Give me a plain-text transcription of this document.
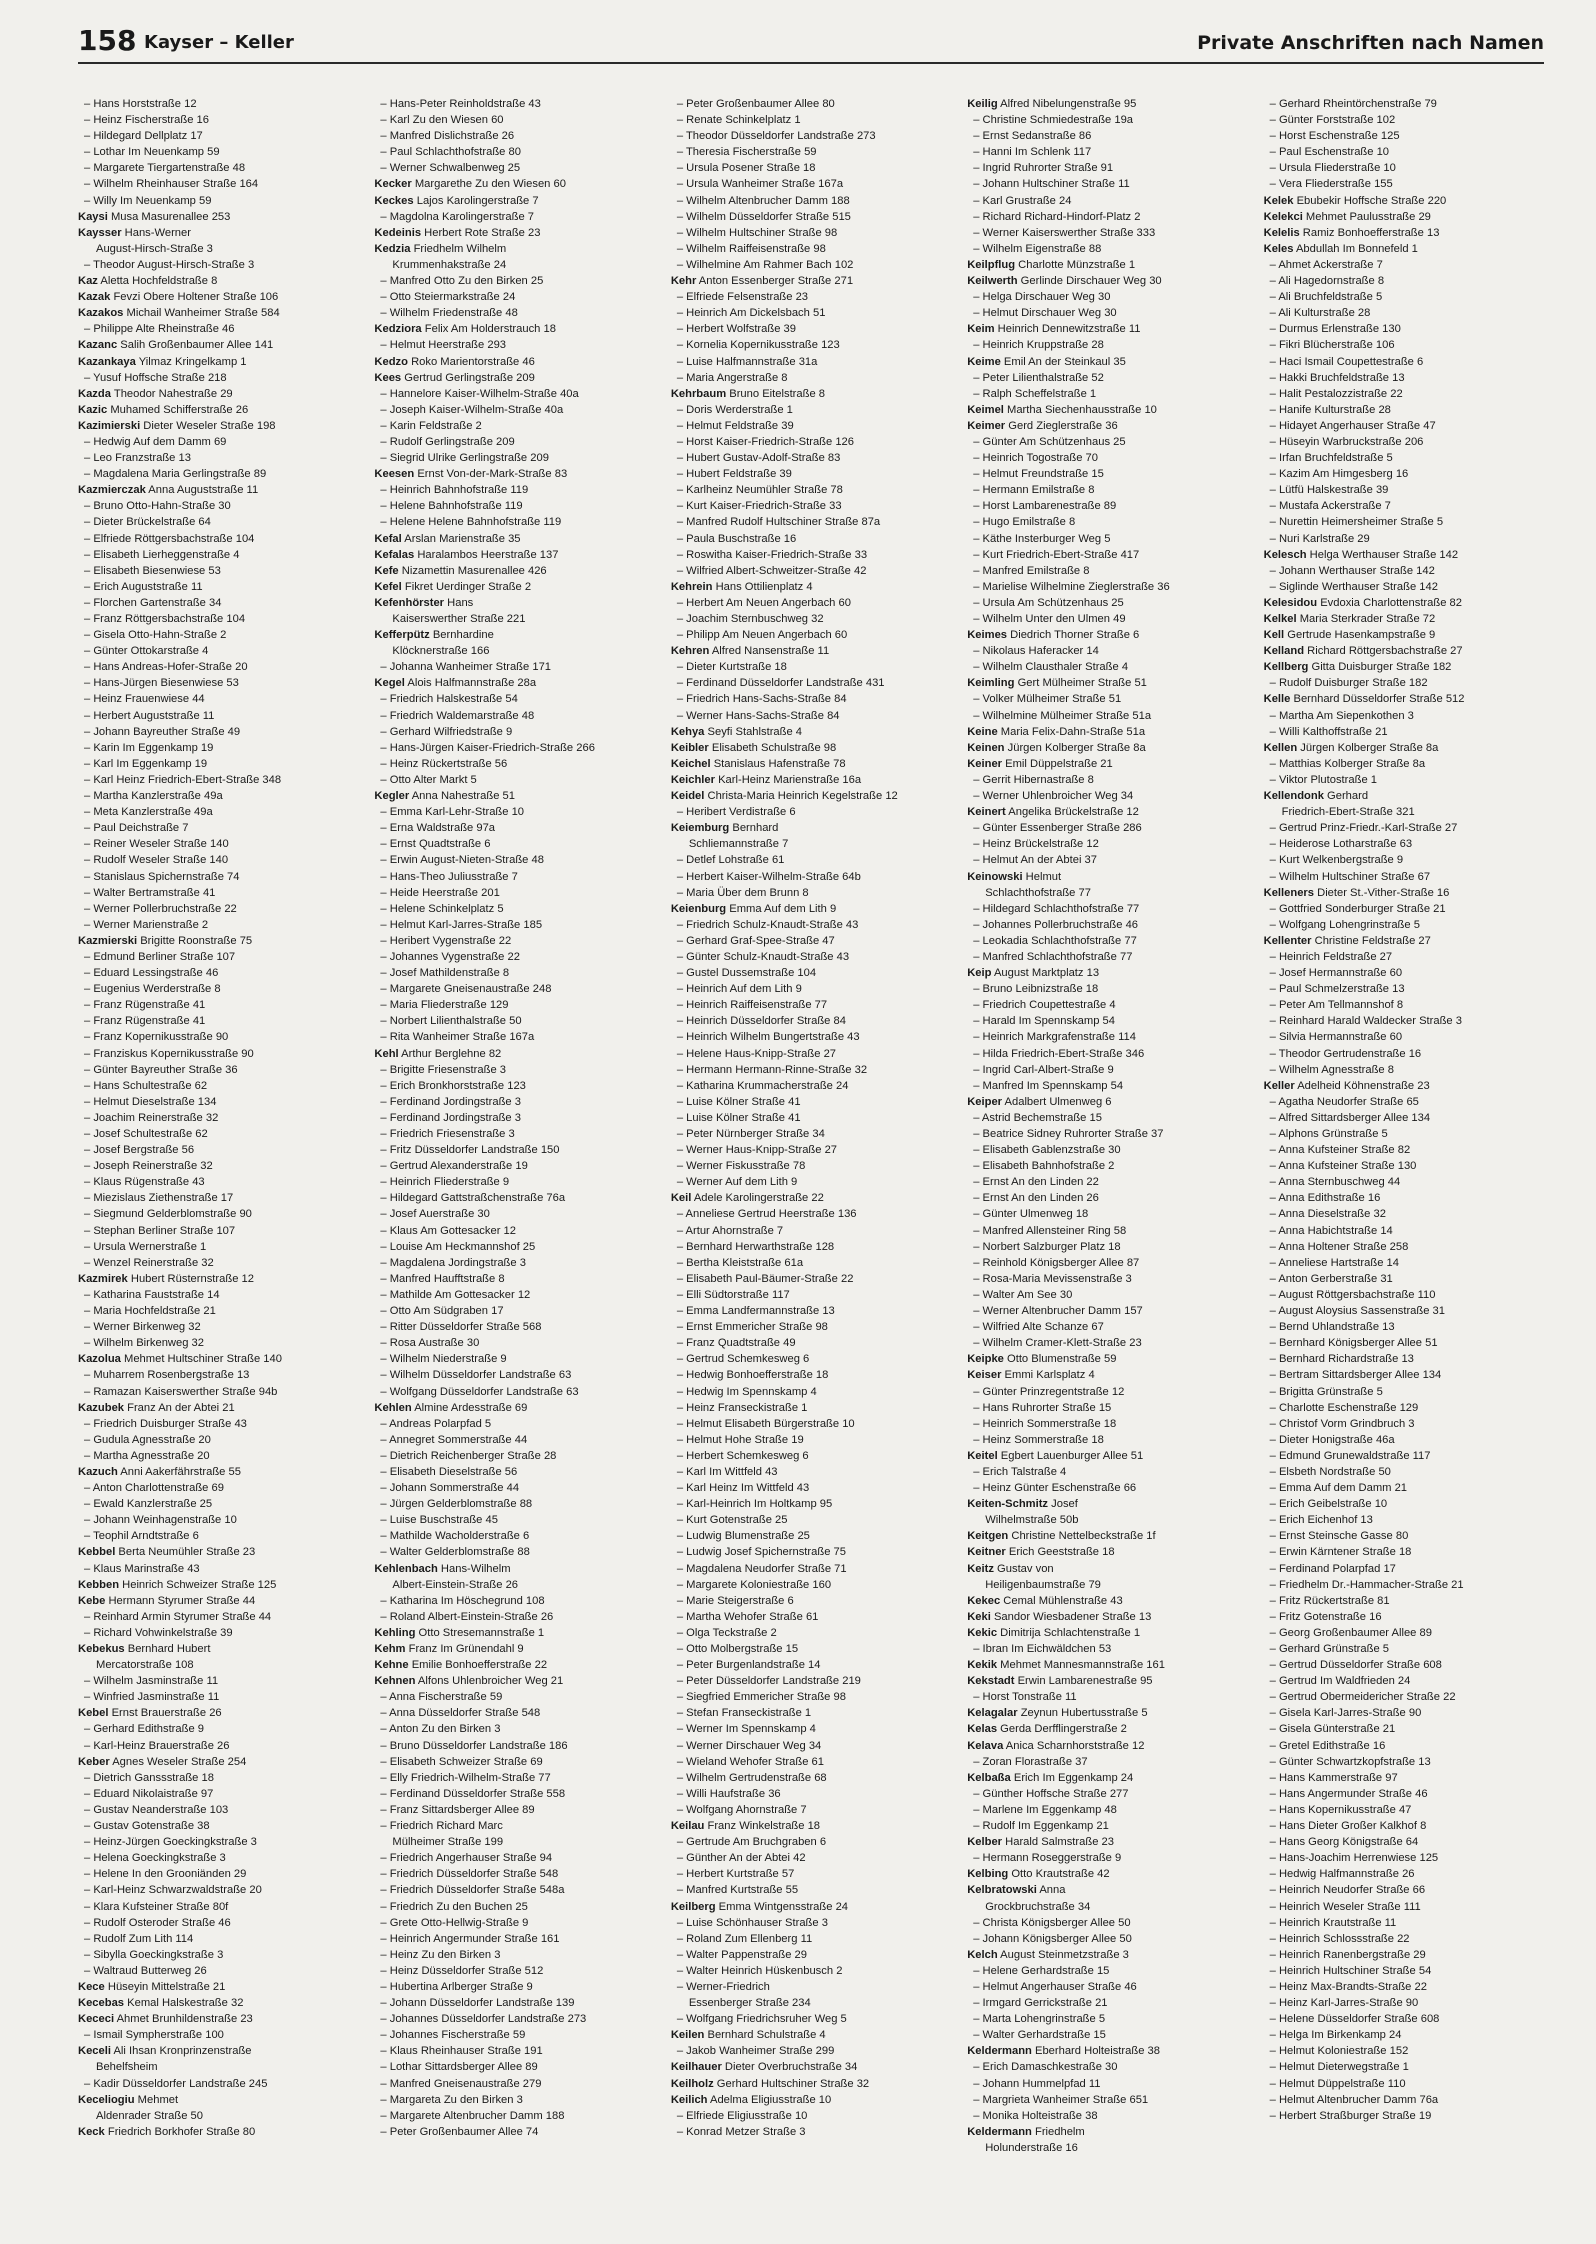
158 Kayser – Keller	Private Anschriften nach Namen
– Hans Horststraße 12
– Heinz Fischerstraße 16
– Hildegard Dellplatz 17
– Lothar Im Neuenkamp 59
– Margarete Tiergartenstraße 48
– Wilhelm Rheinhauser Straße 164
– Willy Im Neuenkamp 59
Kaysi Musa Masurenallee 253
Kaysser Hans-Werner
August-Hirsch-Straße 3
– Theodor August-Hirsch-Straße 3
Kaz Aletta Hochfeldstraße 8
Kazak Fevzi Obere Holtener Straße 106
Kazakos Michail Wanheimer Straße 584
– Philippe Alte Rheinstraße 46
Kazanc Salih Großenbaumer Allee 141
Kazankaya Yilmaz Kringelkamp 1
– Yusuf Hoffsche Straße 218
Kazda Theodor Nahestraße 29
Kazic Muhamed Schifferstraße 26
Kazimierski Dieter Weseler Straße 198
– Hedwig Auf dem Damm 69
– Leo Franzstraße 13
– Magdalena Maria Gerlingstraße 89
Kazmierczak Anna Auguststraße 11
– Bruno Otto-Hahn-Straße 30
– Dieter Brückelstraße 64
– Elfriede Röttgersbachstraße 104
– Elisabeth Lierheggenstraße 4
– Elisabeth Biesenwiese 53
– Erich Auguststraße 11
– Florchen Gartenstraße 34
– Franz Röttgersbachstraße 104
– Gisela Otto-Hahn-Straße 2
– Günter Ottokarstraße 4
– Hans Andreas-Hofer-Straße 20
– Hans-Jürgen Biesenwiese 53
– Heinz Frauenwiese 44
– Herbert Auguststraße 11
– Johann Bayreuther Straße 49
– Karin Im Eggenkamp 19
– Karl Im Eggenkamp 19
– Karl Heinz Friedrich-Ebert-Straße 348
– Martha Kanzlerstraße 49a
– Meta Kanzlerstraße 49a
– Paul Deichstraße 7
– Reiner Weseler Straße 140
– Rudolf Weseler Straße 140
– Stanislaus Spichernstraße 74
– Walter Bertramstraße 41
– Werner Pollerbruchstraße 22
– Werner Marienstraße 2
Kazmierski Brigitte Roonstraße 75
– Edmund Berliner Straße 107
– Eduard Lessingstraße 46
– Eugenius Werderstraße 8
– Franz Rügenstraße 41
– Franz Rügenstraße 41
– Franz Kopernikusstraße 90
– Franziskus Kopernikusstraße 90
– Günter Bayreuther Straße 36
– Hans Schultestraße 62
– Helmut Dieselstraße 134
– Joachim Reinerstraße 32
– Josef Schultestraße 62
– Josef Bergstraße 56
– Joseph Reinerstraße 32
– Klaus Rügenstraße 43
– Miezislaus Ziethenstraße 17
– Siegmund Gelderblomstraße 90
– Stephan Berliner Straße 107
– Ursula Wernerstraße 1
– Wenzel Reinerstraße 32
Kazmirek Hubert Rüsternstraße 12
– Katharina Fauststraße 14
– Maria Hochfeldstraße 21
– Werner Birkenweg 32
– Wilhelm Birkenweg 32
Kazolua Mehmet Hultschiner Straße 140
– Muharrem Rosenbergstraße 13
– Ramazan Kaiserswerther Straße 94b
Kazubek Franz An der Abtei 21
– Friedrich Duisburger Straße 43
– Gudula Agnesstraße 20
– Martha Agnesstraße 20
Kazuch Anni Aakerfährstraße 55
– Anton Charlottenstraße 69
– Ewald Kanzlerstraße 25
– Johann Weinhagenstraße 10
– Teophil Arndtstraße 6
Kebbel Berta Neumühler Straße 23
– Klaus Marinstraße 43
Kebben Heinrich Schweizer Straße 125
Kebe Hermann Styrumer Straße 44
– Reinhard Armin Styrumer Straße 44
– Richard Vohwinkelstraße 39
Kebekus Bernhard Hubert
Mercatorstraße 108
– Wilhelm Jasminstraße 11
– Winfried Jasminstraße 11
Kebel Ernst Brauerstraße 26
– Gerhard Edithstraße 9
– Karl-Heinz Brauerstraße 26
Keber Agnes Weseler Straße 254
– Dietrich Ganssstraße 18
– Eduard Nikolaistraße 97
– Gustav Neanderstraße 103
– Gustav Gotenstraße 38
– Heinz-Jürgen Goeckingkstraße 3
– Helena Goeckingkstraße 3
– Helene In den Grooniänden 29
– Karl-Heinz Schwarzwaldstraße 20
– Klara Kufsteiner Straße 80f
– Rudolf Osteroder Straße 46
– Rudolf Zum Lith 114
– Sibylla Goeckingkstraße 3
– Waltraud Butterweg 26
Kece Hüseyin Mittelstraße 21
Kecebas Kemal Halskestraße 32
Kececi Ahmet Brunhildenstraße 23
– Ismail Sympherstraße 100
Keceli Ali Ihsan Kronprinzenstraße
Behelfsheim
– Kadir Düsseldorfer Landstraße 245
Keceliogiu Mehmet
Aldenrader Straße 50
Keck Friedrich Borkhofer Straße 80
– Hans-Peter Reinholdstraße 43
– Karl Zu den Wiesen 60
– Manfred Dislichstraße 26
– Paul Schlachthofstraße 80
– Werner Schwalbenweg 25
Kecker Margarethe Zu den Wiesen 60
Keckes Lajos Karolingerstraße 7
– Magdolna Karolingerstraße 7
Kedeinis Herbert Rote Straße 23
Kedzia Friedhelm Wilhelm
Krummenhakstraße 24
– Manfred Otto Zu den Birken 25
– Otto Steiermarkstraße 24
– Wilhelm Friedenstraße 48
Kedziora Felix Am Holderstrauch 18
– Helmut Heerstraße 293
Kedzo Roko Marientorstraße 46
Kees Gertrud Gerlingstraße 209
– Hannelore Kaiser-Wilhelm-Straße 40a
– Joseph Kaiser-Wilhelm-Straße 40a
– Karin Feldstraße 2
– Rudolf Gerlingstraße 209
– Siegrid Ulrike Gerlingstraße 209
Keesen Ernst Von-der-Mark-Straße 83
– Heinrich Bahnhofstraße 119
– Helene Bahnhofstraße 119
– Helene Helene Bahnhofstraße 119
Kefal Arslan Marienstraße 35
Kefalas Haralambos Heerstraße 137
Kefe Nizamettin Masurenallee 426
Kefel Fikret Uerdinger Straße 2
Kefenhörster Hans
Kaiserswerther Straße 221
Kefferpütz Bernhardine
Klöcknerstraße 166
– Johanna Wanheimer Straße 171
Kegel Alois Halfmannstraße 28a
– Friedrich Halskestraße 54
– Friedrich Waldemarstraße 48
– Gerhard Wilfriedstraße 9
– Hans-Jürgen Kaiser-Friedrich-Straße 266
– Heinz Rückertstraße 56
– Otto Alter Markt 5
Kegler Anna Nahestraße 51
– Emma Karl-Lehr-Straße 10
– Erna Waldstraße 97a
– Ernst Quadtstraße 6
– Erwin August-Nieten-Straße 48
– Hans-Theo Juliusstraße 7
– Heide Heerstraße 201
– Helene Schinkelplatz 5
– Helmut Karl-Jarres-Straße 185
– Heribert Vygenstraße 22
– Johannes Vygenstraße 22
– Josef Mathildenstraße 8
– Margarete Gneisenaustraße 248
– Maria Fliederstraße 129
– Norbert Lilienthalstraße 50
– Rita Wanheimer Straße 167a
Kehl Arthur Berglehne 82
– Brigitte Friesenstraße 3
– Erich Bronkhorststraße 123
– Ferdinand Jordingstraße 3
– Ferdinand Jordingstraße 3
– Friedrich Friesenstraße 3
– Fritz Düsseldorfer Landstraße 150
– Gertrud Alexanderstraße 19
– Heinrich Fliederstraße 9
– Hildegard Gattstraßchenstraße 76a
– Josef Auerstraße 30
– Klaus Am Gottesacker 12
– Louise Am Heckmannshof 25
– Magdalena Jordingstraße 3
– Manfred Haufftstraße 8
– Mathilde Am Gottesacker 12
– Otto Am Südgraben 17
– Ritter Düsseldorfer Straße 568
– Rosa Austraße 30
– Wilhelm Niederstraße 9
– Wilhelm Düsseldorfer Landstraße 63
– Wolfgang Düsseldorfer Landstraße 63
Kehlen Almine Ardesstraße 69
– Andreas Polarpfad 5
– Annegret Sommerstraße 44
– Dietrich Reichenberger Straße 28
– Elisabeth Dieselstraße 56
– Johann Sommerstraße 44
– Jürgen Gelderblomstraße 88
– Luise Buschstraße 45
– Mathilde Wacholderstraße 6
– Walter Gelderblomstraße 88
Kehlenbach Hans-Wilhelm
Albert-Einstein-Straße 26
– Katharina Im Höschegrund 108
– Roland Albert-Einstein-Straße 26
Kehling Otto Stresemannstraße 1
Kehm Franz Im Grünendahl 9
Kehne Emilie Bonhoefferstraße 22
Kehnen Alfons Uhlenbroicher Weg 21
– Anna Fischerstraße 59
– Anna Düsseldorfer Straße 548
– Anton Zu den Birken 3
– Bruno Düsseldorfer Landstraße 186
– Elisabeth Schweizer Straße 69
– Elly Friedrich-Wilhelm-Straße 77
– Ferdinand Düsseldorfer Straße 558
– Franz Sittardsberger Allee 89
– Friedrich Richard Marc
Mülheimer Straße 199
– Friedrich Angerhauser Straße 94
– Friedrich Düsseldorfer Straße 548
– Friedrich Düsseldorfer Straße 548a
– Friedrich Zu den Buchen 25
– Grete Otto-Hellwig-Straße 9
– Heinrich Angermunder Straße 161
– Heinz Zu den Birken 3
– Heinz Düsseldorfer Straße 512
– Hubertina Arlberger Straße 9
– Johann Düsseldorfer Landstraße 139
– Johannes Düsseldorfer Landstraße 273
– Johannes Fischerstraße 59
– Klaus Rheinhauser Straße 191
– Lothar Sittardsberger Allee 89
– Manfred Gneisenaustraße 279
– Margareta Zu den Birken 3
– Margarete Altenbrucher Damm 188
– Peter Großenbaumer Allee 74
– Peter Großenbaumer Allee 80
– Renate Schinkelplatz 1
– Theodor Düsseldorfer Landstraße 273
– Theresia Fischerstraße 59
– Ursula Posener Straße 18
– Ursula Wanheimer Straße 167a
– Wilhelm Altenbrucher Damm 188
– Wilhelm Düsseldorfer Straße 515
– Wilhelm Hultschiner Straße 98
– Wilhelm Raiffeisenstraße 98
– Wilhelmine Am Rahmer Bach 102
Kehr Anton Essenberger Straße 271
– Elfriede Felsenstraße 23
– Heinrich Am Dickelsbach 51
– Herbert Wolfstraße 39
– Kornelia Kopernikusstraße 123
– Luise Halfmannstraße 31a
– Maria Angerstraße 8
Kehrbaum Bruno Eitelstraße 8
– Doris Werderstraße 1
– Helmut Feldstraße 39
– Horst Kaiser-Friedrich-Straße 126
– Hubert Gustav-Adolf-Straße 83
– Hubert Feldstraße 39
– Karlheinz Neumühler Straße 78
– Kurt Kaiser-Friedrich-Straße 33
– Manfred Rudolf Hultschiner Straße 87a
– Paula Buschstraße 16
– Roswitha Kaiser-Friedrich-Straße 33
– Wilfried Albert-Schweitzer-Straße 42
Kehrein Hans Ottilienplatz 4
– Herbert Am Neuen Angerbach 60
– Joachim Sternbuschweg 32
– Philipp Am Neuen Angerbach 60
Kehren Alfred Nansenstraße 11
– Dieter Kurtstraße 18
– Ferdinand Düsseldorfer Landstraße 431
– Friedrich Hans-Sachs-Straße 84
– Werner Hans-Sachs-Straße 84
Kehya Seyfi Stahlstraße 4
Keibler Elisabeth Schulstraße 98
Keichel Stanislaus Hafenstraße 78
Keichler Karl-Heinz Marienstraße 16a
Keidel Christa-Maria Heinrich Kegelstraße 12
– Heribert Verdistraße 6
Keiemburg Bernhard
Schliemannstraße 7
– Detlef Lohstraße 61
– Herbert Kaiser-Wilhelm-Straße 64b
– Maria Über dem Brunn 8
Keienburg Emma Auf dem Lith 9
– Friedrich Schulz-Knaudt-Straße 43
– Gerhard Graf-Spee-Straße 47
– Günter Schulz-Knaudt-Straße 43
– Gustel Dussemstraße 104
– Heinrich Auf dem Lith 9
– Heinrich Raiffeisenstraße 77
– Heinrich Düsseldorfer Straße 84
– Heinrich Wilhelm Bungertstraße 43
– Helene Haus-Knipp-Straße 27
– Hermann Hermann-Rinne-Straße 32
– Katharina Krummacherstraße 24
– Luise Kölner Straße 41
– Luise Kölner Straße 41
– Peter Nürnberger Straße 34
– Werner Haus-Knipp-Straße 27
– Werner Fiskusstraße 78
– Werner Auf dem Lith 9
Keil Adele Karolingerstraße 22
– Anneliese Gertrud Heerstraße 136
– Artur Ahornstraße 7
– Bernhard Herwarthstraße 128
– Bertha Kleiststraße 61a
– Elisabeth Paul-Bäumer-Straße 22
– Elli Südtorstraße 117
– Emma Landfermannstraße 13
– Ernst Emmericher Straße 98
– Franz Quadtstraße 49
– Gertrud Schemkesweg 6
– Hedwig Bonhoefferstraße 18
– Hedwig Im Spennskamp 4
– Heinz Franseckistraße 1
– Helmut Elisabeth Bürgerstraße 10
– Helmut Hohe Straße 19
– Herbert Schemkesweg 6
– Karl Im Wittfeld 43
– Karl Heinz Im Wittfeld 43
– Karl-Heinrich Im Holtkamp 95
– Kurt Gotenstraße 25
– Ludwig Blumenstraße 25
– Ludwig Josef Spichernstraße 75
– Magdalena Neudorfer Straße 71
– Margarete Koloniestraße 160
– Marie Steigerstraße 6
– Martha Wehofer Straße 61
– Olga Teckstraße 2
– Otto Molbergstraße 15
– Peter Burgenlandstraße 14
– Peter Düsseldorfer Landstraße 219
– Siegfried Emmericher Straße 98
– Stefan Franseckistraße 1
– Werner Im Spennskamp 4
– Werner Dirschauer Weg 34
– Wieland Wehofer Straße 61
– Wilhelm Gertrudenstraße 68
– Willi Haufstraße 36
– Wolfgang Ahornstraße 7
Keilau Franz Winkelstraße 18
– Gertrude Am Bruchgraben 6
– Günther An der Abtei 42
– Herbert Kurtstraße 57
– Manfred Kurtstraße 55
Keilberg Emma Wintgensstraße 24
– Luise Schönhauser Straße 3
– Roland Zum Ellenberg 11
– Walter Pappenstraße 29
– Walter Heinrich Hüskenbusch 2
– Werner-Friedrich
Essenberger Straße 234
– Wolfgang Friedrichsruher Weg 5
Keilen Bernhard Schulstraße 4
– Jakob Wanheimer Straße 299
Keilhauer Dieter Overbruchstraße 34
Keilholz Gerhard Hultschiner Straße 32
Keilich Adelma Eligiusstraße 10
– Elfriede Eligiusstraße 10
– Konrad Metzer Straße 3
Keilig Alfred Nibelungenstraße 95
– Christine Schmiedestraße 19a
– Ernst Sedanstraße 86
– Hanni Im Schlenk 117
– Ingrid Ruhrorter Straße 91
– Johann Hultschiner Straße 11
– Karl Grustraße 24
– Richard Richard-Hindorf-Platz 2
– Werner Kaiserswerther Straße 333
– Wilhelm Eigenstraße 88
Keilpflug Charlotte Münzstraße 1
Keilwerth Gerlinde Dirschauer Weg 30
– Helga Dirschauer Weg 30
– Helmut Dirschauer Weg 30
Keim Heinrich Dennewitzstraße 11
– Heinrich Kruppstraße 28
Keime Emil An der Steinkaul 35
– Peter Lilienthalstraße 52
– Ralph Scheffelstraße 1
Keimel Martha Siechenhausstraße 10
Keimer Gerd Zieglerstraße 36
– Günter Am Schützenhaus 25
– Heinrich Togostraße 70
– Helmut Freundstraße 15
– Hermann Emilstraße 8
– Horst Lambarenestraße 89
– Hugo Emilstraße 8
– Käthe Insterburger Weg 5
– Kurt Friedrich-Ebert-Straße 417
– Manfred Emilstraße 8
– Marielise Wilhelmine Zieglerstraße 36
– Ursula Am Schützenhaus 25
– Wilhelm Unter den Ulmen 49
Keimes Diedrich Thorner Straße 6
– Nikolaus Haferacker 14
– Wilhelm Clausthaler Straße 4
Keimling Gert Mülheimer Straße 51
– Volker Mülheimer Straße 51
– Wilhelmine Mülheimer Straße 51a
Keine Maria Felix-Dahn-Straße 51a
Keinen Jürgen Kolberger Straße 8a
Keiner Emil Düppelstraße 21
– Gerrit Hibernastraße 8
– Werner Uhlenbroicher Weg 34
Keinert Angelika Brückelstraße 12
– Günter Essenberger Straße 286
– Heinz Brückelstraße 12
– Helmut An der Abtei 37
Keinowski Helmut
Schlachthofstraße 77
– Hildegard Schlachthofstraße 77
– Johannes Pollerbruchstraße 46
– Leokadia Schlachthofstraße 77
– Manfred Schlachthofstraße 77
Keip August Marktplatz 13
– Bruno Leibnizstraße 18
– Friedrich Coupettestraße 4
– Harald Im Spennskamp 54
– Heinrich Markgrafenstraße 114
– Hilda Friedrich-Ebert-Straße 346
– Ingrid Carl-Albert-Straße 9
– Manfred Im Spennskamp 54
Keiper Adalbert Ulmenweg 6
– Astrid Bechemstraße 15
– Beatrice Sidney Ruhrorter Straße 37
– Elisabeth Gablenzstraße 30
– Elisabeth Bahnhofstraße 2
– Ernst An den Linden 22
– Ernst An den Linden 26
– Günter Ulmenweg 18
– Manfred Allensteiner Ring 58
– Norbert Salzburger Platz 18
– Reinhold Königsberger Allee 87
– Rosa-Maria Mevissenstraße 3
– Walter Am See 30
– Werner Altenbrucher Damm 157
– Wilfried Alte Schanze 67
– Wilhelm Cramer-Klett-Straße 23
Keipke Otto Blumenstraße 59
Keiser Emmi Karlsplatz 4
– Günter Prinzregentstraße 12
– Hans Ruhrorter Straße 15
– Heinrich Sommerstraße 18
– Heinz Sommerstraße 18
Keitel Egbert Lauenburger Allee 51
– Erich Talstraße 4
– Heinz Günter Eschenstraße 66
Keiten-Schmitz Josef
Wilhelmstraße 50b
Keitgen Christine Nettelbeckstraße 1f
Keitner Erich Geeststraße 18
Keitz Gustav von
Heiligenbaumstraße 79
Kekec Cemal Mühlenstraße 43
Keki Sandor Wiesbadener Straße 13
Kekic Dimitrija Schlachtenstraße 1
– Ibran Im Eichwäldchen 53
Kekik Mehmet Mannesmannstraße 161
Kekstadt Erwin Lambarenestraße 95
– Horst Tonstraße 11
Kelagalar Zeynun Hubertusstraße 5
Kelas Gerda Derfflingerstraße 2
Kelava Anica Scharnhorststraße 12
– Zoran Florastraße 37
Kelbaßa Erich Im Eggenkamp 24
– Günther Hoffsche Straße 277
– Marlene Im Eggenkamp 48
– Rudolf Im Eggenkamp 21
Kelber Harald Salmstraße 23
– Hermann Roseggerstraße 9
Kelbing Otto Krautstraße 42
Kelbratowski Anna
Grockbruchstraße 34
– Christa Königsberger Allee 50
– Johann Königsberger Allee 50
Kelch August Steinmetzstraße 3
– Helene Gerhardstraße 15
– Helmut Angerhauser Straße 46
– Irmgard Gerrickstraße 21
– Marta Lohengrinstraße 5
– Walter Gerhardstraße 15
Keldermann Eberhard Holteistraße 38
– Erich Damaschkestraße 30
– Johann Hummelpfad 11
– Margrieta Wanheimer Straße 651
– Monika Holteistraße 38
Keldermann Friedhelm
Holunderstraße 16
– Gerhard Rheintörchenstraße 79
– Günter Forststraße 102
– Horst Eschenstraße 125
– Paul Eschenstraße 10
– Ursula Fliederstraße 10
– Vera Fliederstraße 155
Kelek Ebubekir Hoffsche Straße 220
Kelekci Mehmet Paulusstraße 29
Kelelis Ramiz Bonhoefferstraße 13
Keles Abdullah Im Bonnefeld 1
– Ahmet Ackerstraße 7
– Ali Hagedornstraße 8
– Ali Bruchfeldstraße 5
– Ali Kulturstraße 28
– Durmus Erlenstraße 130
– Fikri Blücherstraße 106
– Haci Ismail Coupettestraße 6
– Hakki Bruchfeldstraße 13
– Halit Pestalozzistraße 22
– Hanife Kulturstraße 28
– Hidayet Angerhauser Straße 47
– Hüseyin Warbruckstraße 206
– Irfan Bruchfeldstraße 5
– Kazim Am Himgesberg 16
– Lütfü Halskestraße 39
– Mustafa Ackerstraße 7
– Nurettin Heimersheimer Straße 5
– Nuri Karlstraße 29
Kelesch Helga Werthauser Straße 142
– Johann Werthauser Straße 142
– Siglinde Werthauser Straße 142
Kelesidou Evdoxia Charlottenstraße 82
Kelkel Maria Sterkrader Straße 72
Kell Gertrude Hasenkampstraße 9
Kelland Richard Röttgersbachstraße 27
Kellberg Gitta Duisburger Straße 182
– Rudolf Duisburger Straße 182
Kelle Bernhard Düsseldorfer Straße 512
– Martha Am Siepenkothen 3
– Willi Kalthoffstraße 21
Kellen Jürgen Kolberger Straße 8a
– Matthias Kolberger Straße 8a
– Viktor Plutostraße 1
Kellendonk Gerhard
Friedrich-Ebert-Straße 321
– Gertrud Prinz-Friedr.-Karl-Straße 27
– Heiderose Lotharstraße 63
– Kurt Welkenbergstraße 9
– Wilhelm Hultschiner Straße 67
Kelleners Dieter St.-Vither-Straße 16
– Gottfried Sonderburger Straße 21
– Wolfgang Lohengrinstraße 5
Kellenter Christine Feldstraße 27
– Heinrich Feldstraße 27
– Josef Hermannstraße 60
– Paul Schmelzerstraße 13
– Peter Am Tellmannshof 8
– Reinhard Harald Waldecker Straße 3
– Silvia Hermannstraße 60
– Theodor Gertrudenstraße 16
– Wilhelm Agnesstraße 8
Keller Adelheid Köhnenstraße 23
– Agatha Neudorfer Straße 65
– Alfred Sittardsberger Allee 134
– Alphons Grünstraße 5
– Anna Kufsteiner Straße 82
– Anna Kufsteiner Straße 130
– Anna Sternbuschweg 44
– Anna Edithstraße 16
– Anna Dieselstraße 32
– Anna Habichtstraße 14
– Anna Holtener Straße 258
– Anneliese Hartstraße 14
– Anton Gerberstraße 31
– August Röttgersbachstraße 110
– August Aloysius Sassenstraße 31
– Bernd Uhlandstraße 13
– Bernhard Königsberger Allee 51
– Bernhard Richardstraße 13
– Bertram Sittardsberger Allee 134
– Brigitta Grünstraße 5
– Charlotte Eschenstraße 129
– Christof Vorm Grindbruch 3
– Dieter Honigstraße 46a
– Edmund Grunewaldstraße 117
– Elsbeth Nordstraße 50
– Emma Auf dem Damm 21
– Erich Geibelstraße 10
– Erich Eichenhof 13
– Ernst Steinsche Gasse 80
– Erwin Kärntener Straße 18
– Ferdinand Polarpfad 17
– Friedhelm Dr.-Hammacher-Straße 21
– Fritz Rückertstraße 81
– Fritz Gotenstraße 16
– Georg Großenbaumer Allee 89
– Gerhard Grünstraße 5
– Gertrud Düsseldorfer Straße 608
– Gertrud Im Waldfrieden 24
– Gertrud Obermeidericher Straße 22
– Gisela Karl-Jarres-Straße 90
– Gisela Günterstraße 21
– Gretel Edithstraße 16
– Günter Schwartzkopfstraße 13
– Hans Kammerstraße 97
– Hans Angermunder Straße 46
– Hans Kopernikusstraße 47
– Hans Dieter Großer Kalkhof 8
– Hans Georg Königstraße 64
– Hans-Joachim Herrenwiese 125
– Hedwig Halfmannstraße 26
– Heinrich Neudorfer Straße 66
– Heinrich Weseler Straße 111
– Heinrich Krautstraße 11
– Heinrich Schlossstraße 22
– Heinrich Ranenbergstraße 29
– Heinrich Hultschiner Straße 54
– Heinz Max-Brandts-Straße 22
– Heinz Karl-Jarres-Straße 90
– Helene Düsseldorfer Straße 608
– Helga Im Birkenkamp 24
– Helmut Koloniestraße 152
– Helmut Dieterwegstraße 1
– Helmut Düppelstraße 110
– Helmut Altenbrucher Damm 76a
– Herbert Straßburger Straße 19
